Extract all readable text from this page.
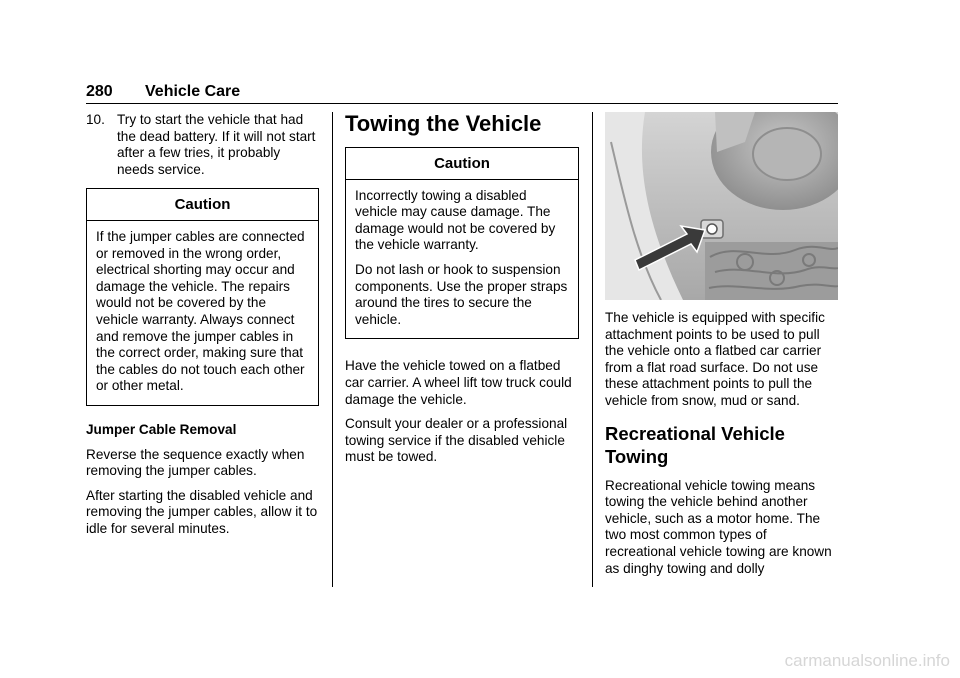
280 Vehicle Care
10. Try to start the vehicle that had the dead battery. If it will not start after a few tries, it probably needs service.
Caution

If the jumper cables are connected or removed in the wrong order, electrical shorting may occur and damage the vehicle. The repairs would not be covered by the vehicle warranty. Always connect and remove the jumper cables in the correct order, making sure that the cables do not touch each other or other metal.

Jumper Cable Removal

Reverse the sequence exactly when removing the jumper cables.

After starting the disabled vehicle and removing the jumper cables, allow it to idle for several minutes.

Towing the Vehicle
Caution

Incorrectly towing a disabled vehicle may cause damage. The damage would not be covered by the vehicle warranty.

Do not lash or hook to suspension components. Use the proper straps around the tires to secure the vehicle.

Have the vehicle towed on a flatbed car carrier. A wheel lift tow truck could damage the vehicle.

Consult your dealer or a professional towing service if the disabled vehicle must be towed.

The vehicle is equipped with specific attachment points to be used to pull the vehicle onto a flatbed car carrier from a flat road surface. Do not use these attachment points to pull the vehicle from snow, mud or sand.

Recreational Vehicle Towing

Recreational vehicle towing means towing the vehicle behind another vehicle, such as a motor home. The two most common types of recreational vehicle towing are known as dinghy towing and dolly

carmanualsonline.info
